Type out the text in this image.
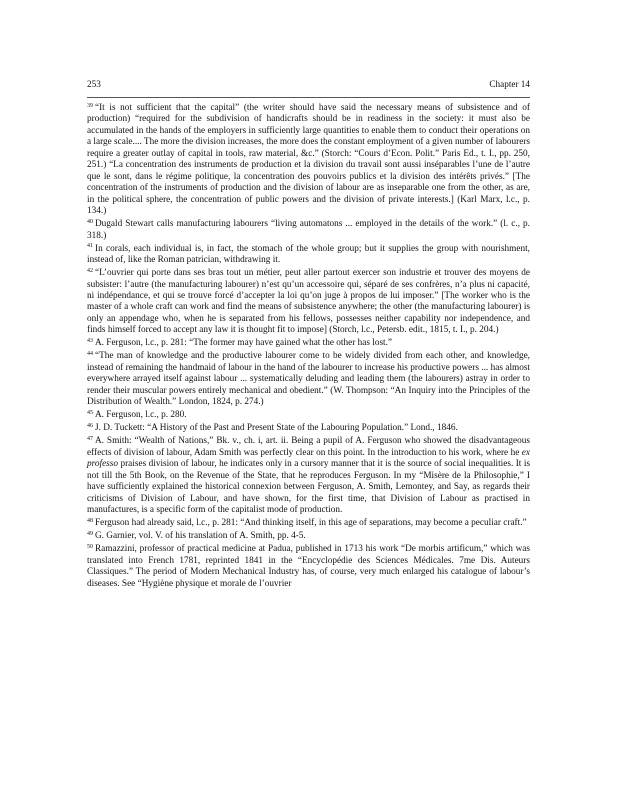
253	Chapter 14

$^{39}$ “It is not sufficient that the capital” (the writer should have said the necessary means of subsistence and of production) “required for the subdivision of handicrafts should be in readiness in the society: it must also be accumulated in the hands of the employers in sufficiently large quantities to enable them to conduct their operations on a large scale.... The more the division increases, the more does the constant employment of a given number of labourers require a greater outlay of capital in tools, raw material, &c.” (Storch: “Cours d’Econ. Polit.” Paris Ed., t. I., pp. 250, 251.) “La concentration des instruments de production et la division du travail sont aussi inséparables l’une de l’autre que le sont, dans le régime politique, la concentration des pouvoirs publics et la division des intérêts privés.” [The concentration of the instruments of production and the division of labour are as inseparable one from the other, as are, in the political sphere, the concentration of public powers and the division of private interests.] (Karl Marx, l.c., p. 134.)

$^{40}$ Dugald Stewart calls manufacturing labourers “living automatons ... employed in the details of the work.” (l. c., p. 318.)

$^{41}$ In corals, each individual is, in fact, the stomach of the whole group; but it supplies the group with nourishment, instead of, like the Roman patrician, withdrawing it.

$^{42}$ “L’ouvrier qui porte dans ses bras tout un métier, peut aller partout exercer son industrie et trouver des moyens de subsister: l’autre (the manufacturing labourer) n’est qu’un accessoire qui, séparé de ses confrères, n’a plus ni capacité, ni indépendance, et qui se trouve forcé d’accepter la loi qu’on juge à propos de lui imposer.” [The worker who is the master of a whole craft can work and find the means of subsistence anywhere; the other (the manufacturing labourer) is only an appendage who, when he is separated from his fellows, possesses neither capability nor independence, and finds himself forced to accept any law it is thought fit to impose] (Storch, l.c., Petersb. edit., 1815, t. I., p. 204.)

$^{43}$ A. Ferguson, l.c., p. 281: “The former may have gained what the other has lost.”

$^{44}$ “The man of knowledge and the productive labourer come to be widely divided from each other, and knowledge, instead of remaining the handmaid of labour in the hand of the labourer to increase his productive powers ... has almost everywhere arrayed itself against labour ... systematically deluding and leading them (the labourers) astray in order to render their muscular powers entirely mechanical and obedient.” (W. Thompson: “An Inquiry into the Principles of the Distribution of Wealth.” London, 1824, p. 274.)

$^{45}$ A. Ferguson, l.c., p. 280.

$^{46}$ J. D. Tuckett: “A History of the Past and Present State of the Labouring Population.” Lond., 1846.

$^{47}$ A. Smith: “Wealth of Nations,” Bk. v., ch. i, art. ii. Being a pupil of A. Ferguson who showed the disadvantageous effects of division of labour, Adam Smith was perfectly clear on this point. In the introduction to his work, where he ex professo praises division of labour, he indicates only in a cursory manner that it is the source of social inequalities. It is not till the 5th Book, on the Revenue of the State, that he reproduces Ferguson. In my “Misère de la Philosophie,” I have sufficiently explained the historical connexion between Ferguson, A. Smith, Lemontey, and Say, as regards their criticisms of Division of Labour, and have shown, for the first time, that Division of Labour as practised in manufactures, is a specific form of the capitalist mode of production.

$^{48}$ Ferguson had already said, l.c., p. 281: “And thinking itself, in this age of separations, may become a peculiar craft.”

$^{49}$ G. Garnier, vol. V. of his translation of A. Smith, pp. 4-5.

$^{50}$ Ramazzini, professor of practical medicine at Padua, published in 1713 his work “De morbis artificum,” which was translated into French 1781, reprinted 1841 in the “Encyclopédie des Sciences Médicales. 7me Dis. Auteurs Classiques.” The period of Modern Mechanical Industry has, of course, very much enlarged his catalogue of labour’s diseases. See “Hygiène physique et morale de l’ouvrier
